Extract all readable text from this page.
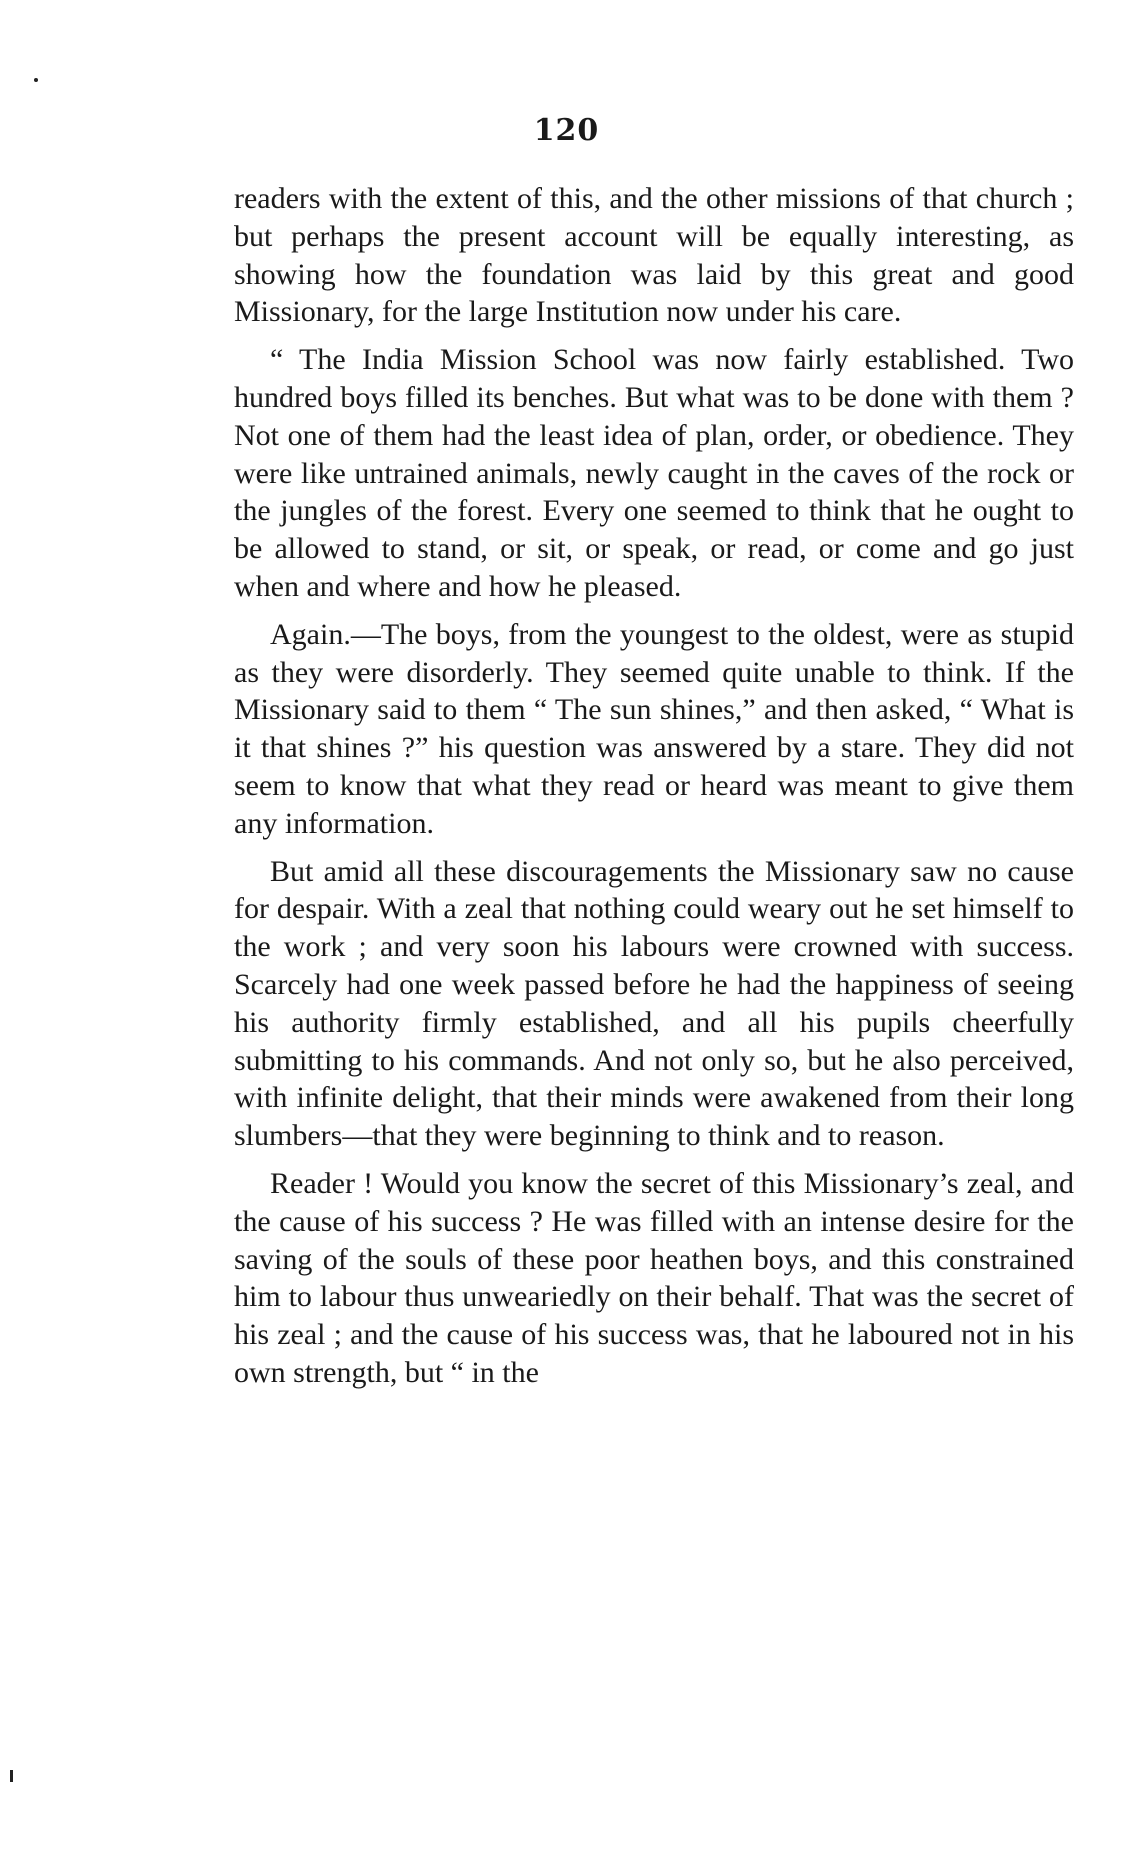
120

readers with the extent of this, and the other missions of that church ; but perhaps the present account will be equally interesting, as showing how the foundation was laid by this great and good Missionary, for the large Institution now under his care.

“ The India Mission School was now fairly established. Two hundred boys filled its benches. But what was to be done with them ? Not one of them had the least idea of plan, order, or obedience. They were like untrained animals, newly caught in the caves of the rock or the jungles of the forest. Every one seemed to think that he ought to be allowed to stand, or sit, or speak, or read, or come and go just when and where and how he pleased.

Again.—The boys, from the youngest to the oldest, were as stupid as they were disorderly. They seemed quite unable to think. If the Missionary said to them “ The sun shines,” and then asked, “ What is it that shines ?” his question was answered by a stare. They did not seem to know that what they read or heard was meant to give them any information.

But amid all these discouragements the Missionary saw no cause for despair. With a zeal that nothing could weary out he set himself to the work ; and very soon his labours were crowned with success. Scarcely had one week passed before he had the happiness of seeing his authority firmly established, and all his pupils cheerfully submitting to his commands. And not only so, but he also perceived, with infinite delight, that their minds were awakened from their long slumbers—that they were beginning to think and to reason.

Reader ! Would you know the secret of this Missionary’s zeal, and the cause of his success ? He was filled with an intense desire for the saving of the souls of these poor heathen boys, and this constrained him to labour thus unweariedly on their behalf. That was the secret of his zeal ; and the cause of his success was, that he laboured not in his own strength, but “ in the
